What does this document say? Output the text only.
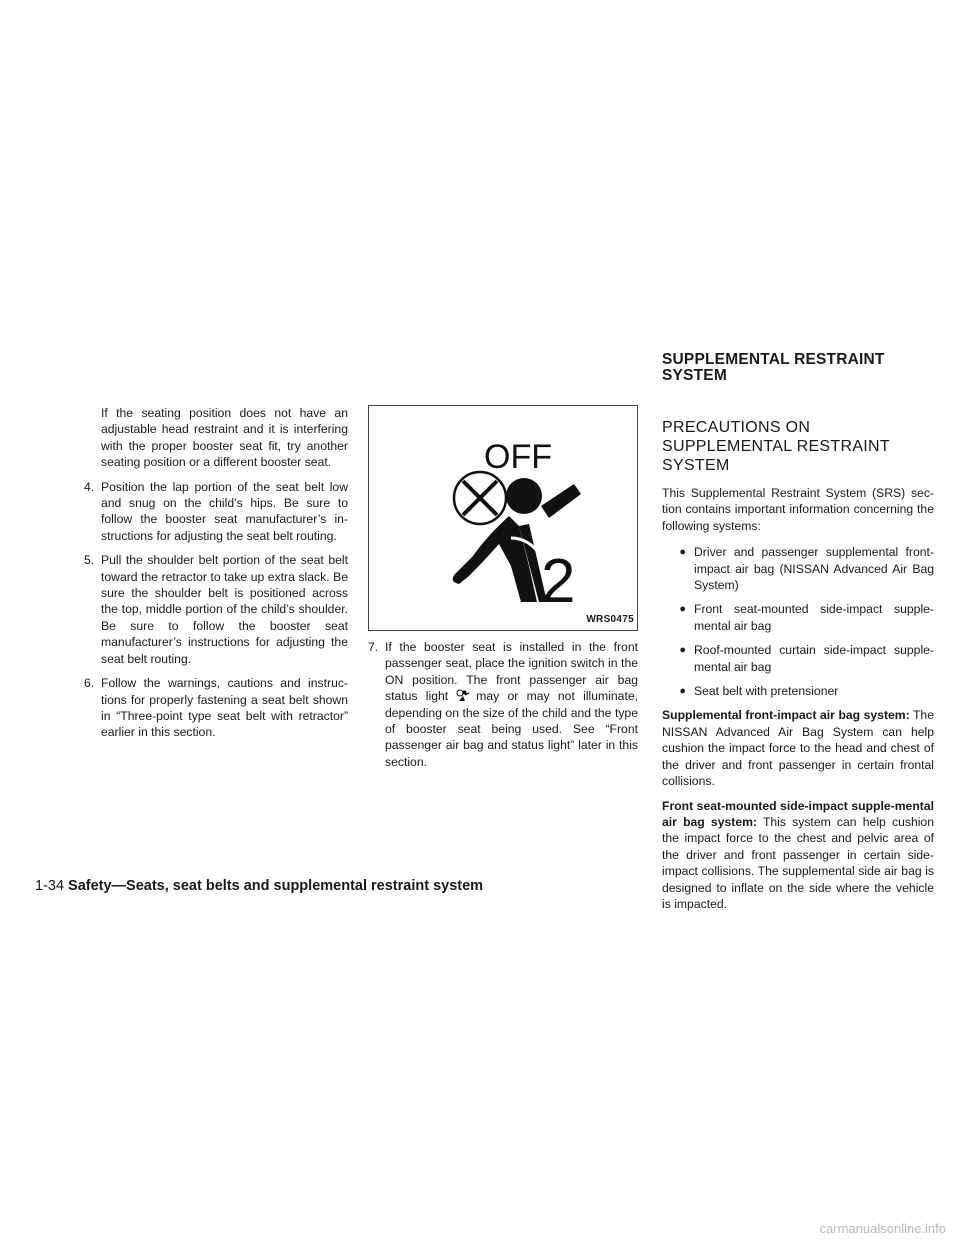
If the seating position does not have an adjustable head restraint and it is interfering with the proper booster seat fit, try another seating position or a different booster seat.

4. Position the lap portion of the seat belt low and snug on the child’s hips. Be sure to follow the booster seat manufacturer’s in-structions for adjusting the seat belt routing.

5. Pull the shoulder belt portion of the seat belt toward the retractor to take up extra slack. Be sure the shoulder belt is positioned across the top, middle portion of the child’s shoulder. Be sure to follow the booster seat manufacturer’s instructions for adjusting the seat belt routing.

6. Follow the warnings, cautions and instruc-tions for properly fastening a seat belt shown in “Three-point type seat belt with retractor” earlier in this section.

OFF
2
WRS0475

7. If the booster seat is installed in the front passenger seat, place the ignition switch in the ON position. The front passenger air bag status light may or may not illuminate, depending on the size of the child and the type of booster seat being used. See “Front passenger air bag and status light” later in this section.

SUPPLEMENTAL RESTRAINT
SYSTEM

PRECAUTIONS ON
SUPPLEMENTAL RESTRAINT
SYSTEM

This Supplemental Restraint System (SRS) sec-tion contains important information concerning the following systems:

● Driver and passenger supplemental front-impact air bag (NISSAN Advanced Air Bag System)
● Front seat-mounted side-impact supple-mental air bag
● Roof-mounted curtain side-impact supple-mental air bag
● Seat belt with pretensioner

Supplemental front-impact air bag system: The NISSAN Advanced Air Bag System can help cushion the impact force to the head and chest of the driver and front passenger in certain frontal collisions.

Front seat-mounted side-impact supple-mental air bag system: This system can help cushion the impact force to the chest and pelvic area of the driver and front passenger in certain side-impact collisions. The supplemental side air bag is designed to inflate on the side where the vehicle is impacted.

1-34 Safety—Seats, seat belts and supplemental restraint system
carmanualsonline.info
